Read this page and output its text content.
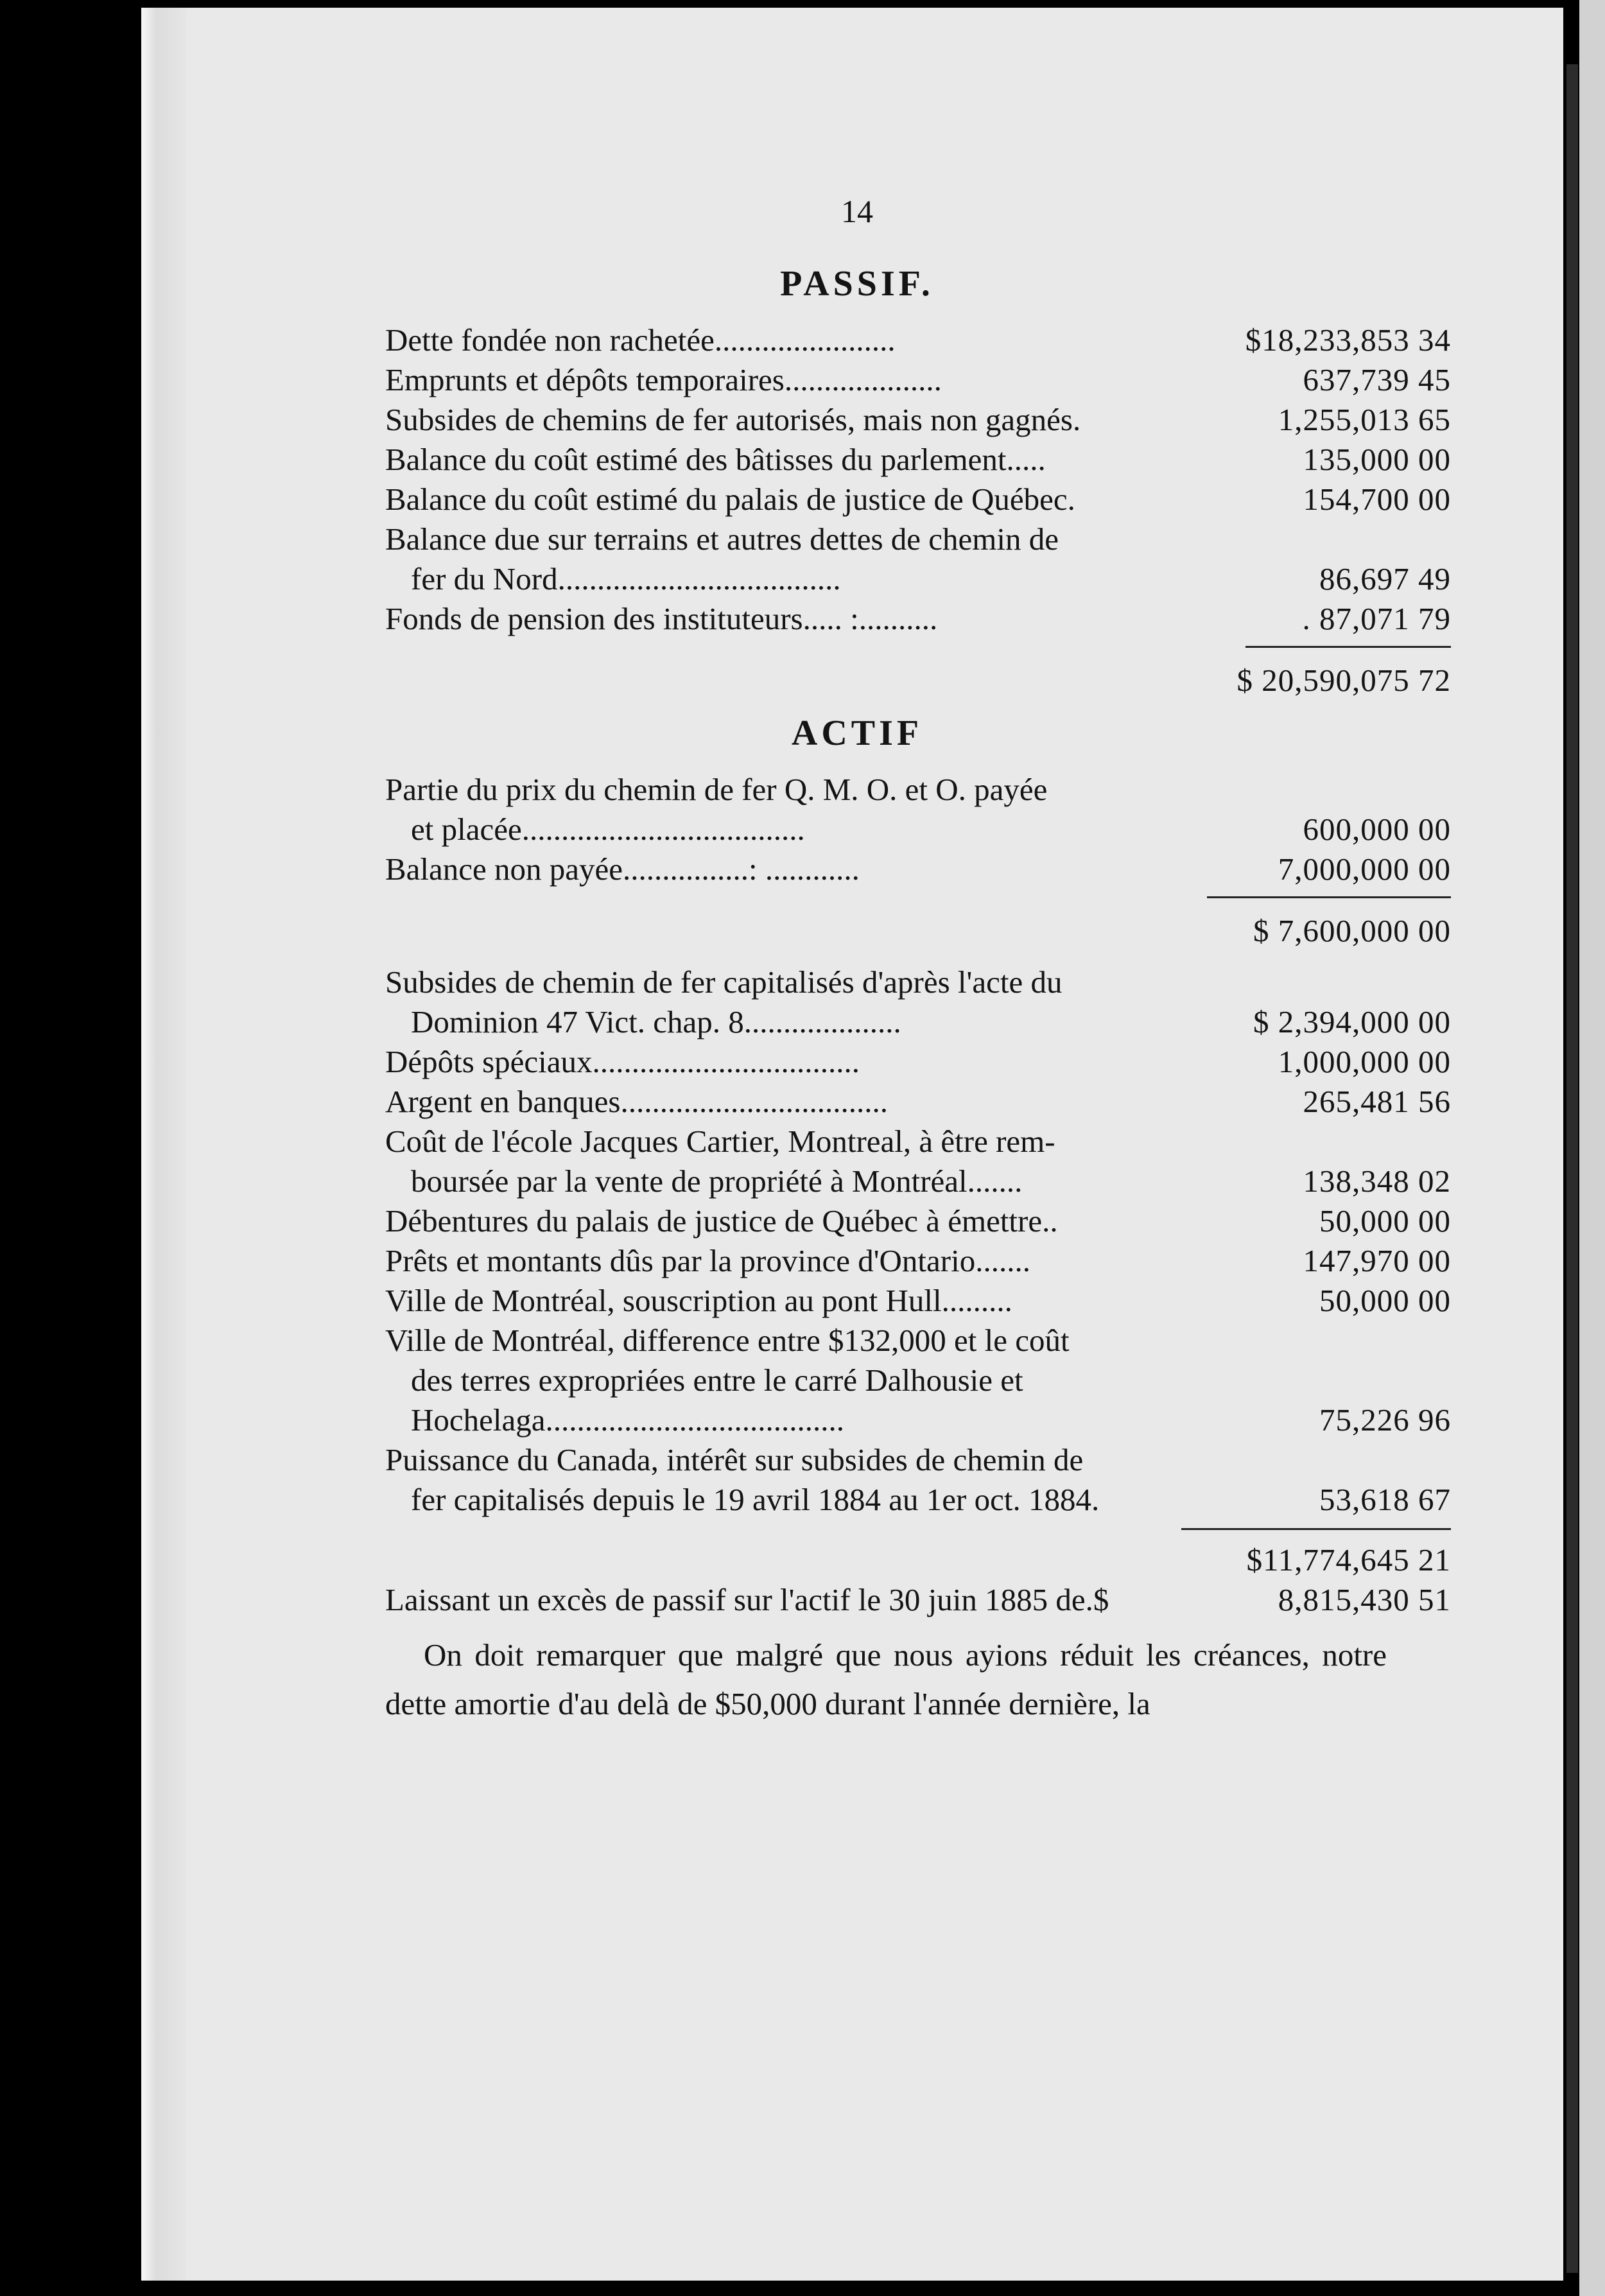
14
PASSIF.
Dette fondée non rachetée.......................	$18,233,853 34
Emprunts et dépôts temporaires....................	637,739 45
Subsides de chemins de fer autorisés, mais non gagnés.	1,255,013 65
Balance du coût estimé des bâtisses du parlement.....	135,000 00
Balance du coût estimé du palais de justice de Québec.	154,700 00
Balance due sur terrains et autres dettes de chemin de
fer du Nord....................................	86,697 49
Fonds de pension des instituteurs..... :..........	. 87,071 79
$ 20,590,075 72
ACTIF
Partie du prix du chemin de fer Q. M. O. et O. payée
et placée....................................	600,000 00
Balance non payée................: ............	7,000,000 00
$ 7,600,000 00
Subsides de chemin de fer capitalisés d'après l'acte du
Dominion 47 Vict. chap. 8....................	$ 2,394,000 00
Dépôts spéciaux..................................	1,000,000 00
Argent en banques..................................	265,481 56
Coût de l'école Jacques Cartier, Montreal, à être rem-
boursée par la vente de propriété à Montréal.......	138,348 02
Débentures du palais de justice de Québec à émettre..	50,000 00
Prêts et montants dûs par la province d'Ontario.......	147,970 00
Ville de Montréal, souscription au pont Hull.........	50,000 00
Ville de Montréal, difference entre $132,000 et le coût
des terres expropriées entre le carré Dalhousie et
Hochelaga......................................	75,226 96
Puissance du Canada, intérêt sur subsides de chemin de
fer capitalisés depuis le 19 avril 1884 au 1er oct. 1884.	53,618 67
$11,774,645 21
Laissant un excès de passif sur l'actif le 30 juin 1885 de.$	8,815,430 51
On doit remarquer que malgré que nous ayions réduit les créances, notre dette amortie d'au delà de $50,000 durant l'année dernière, la
